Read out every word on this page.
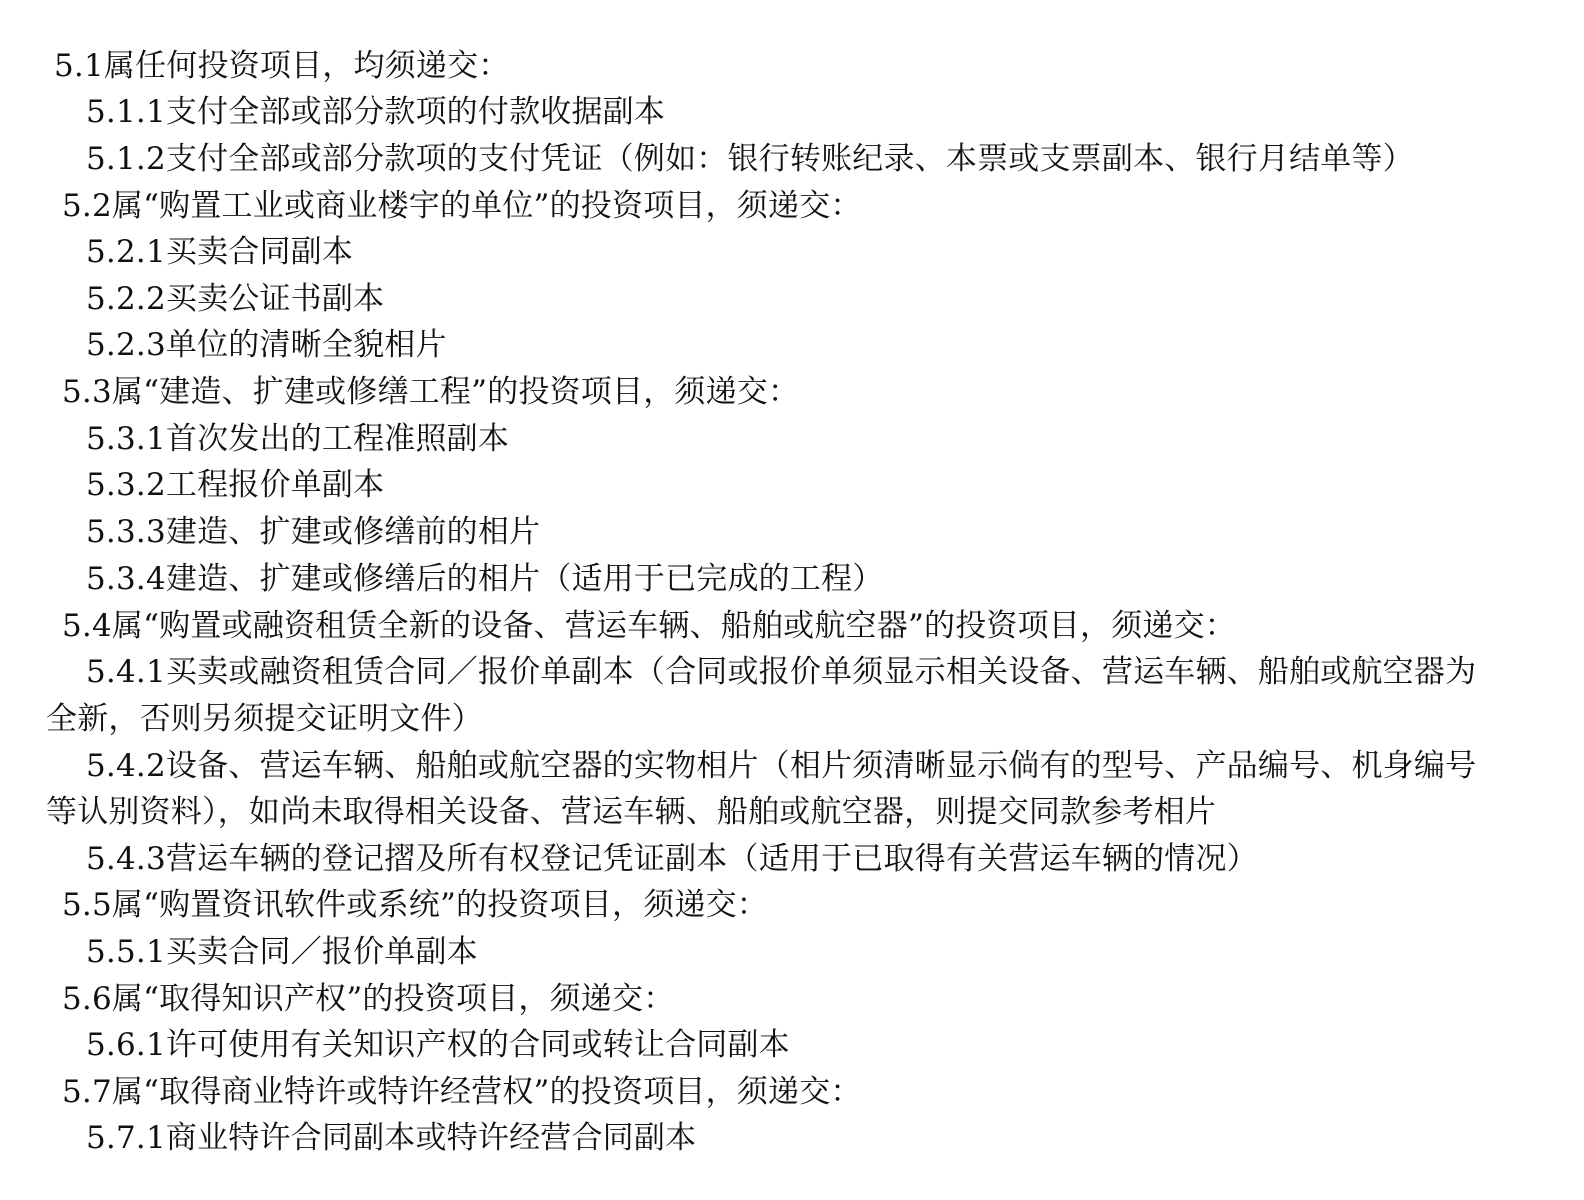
5.1属任何投资项目，均须递交：
5.1.1支付全部或部分款项的付款收据副本
5.1.2支付全部或部分款项的支付凭证（例如：银行转账纪录、本票或支票副本、银行月结单等）
5.2属“购置工业或商业楼宇的单位”的投资项目，须递交：
5.2.1买卖合同副本
5.2.2买卖公证书副本
5.2.3单位的清晰全貌相片
5.3属“建造、扩建或修缮工程”的投资项目，须递交：
5.3.1首次发出的工程准照副本
5.3.2工程报价单副本
5.3.3建造、扩建或修缮前的相片
5.3.4建造、扩建或修缮后的相片（适用于已完成的工程）
5.4属“购置或融资租赁全新的设备、营运车辆、船舶或航空器”的投资项目，须递交：
5.4.1买卖或融资租赁合同／报价单副本（合同或报价单须显示相关设备、营运车辆、船舶或航空器为
全新，否则另须提交证明文件）
5.4.2设备、营运车辆、船舶或航空器的实物相片（相片须清晰显示倘有的型号、产品编号、机身编号
等认别资料），如尚未取得相关设备、营运车辆、船舶或航空器，则提交同款参考相片
5.4.3营运车辆的登记摺及所有权登记凭证副本（适用于已取得有关营运车辆的情况）
5.5属“购置资讯软件或系统”的投资项目，须递交：
5.5.1买卖合同／报价单副本
5.6属“取得知识产权”的投资项目，须递交：
5.6.1许可使用有关知识产权的合同或转让合同副本
5.7属“取得商业特许或特许经营权”的投资项目，须递交：
5.7.1商业特许合同副本或特许经营合同副本
